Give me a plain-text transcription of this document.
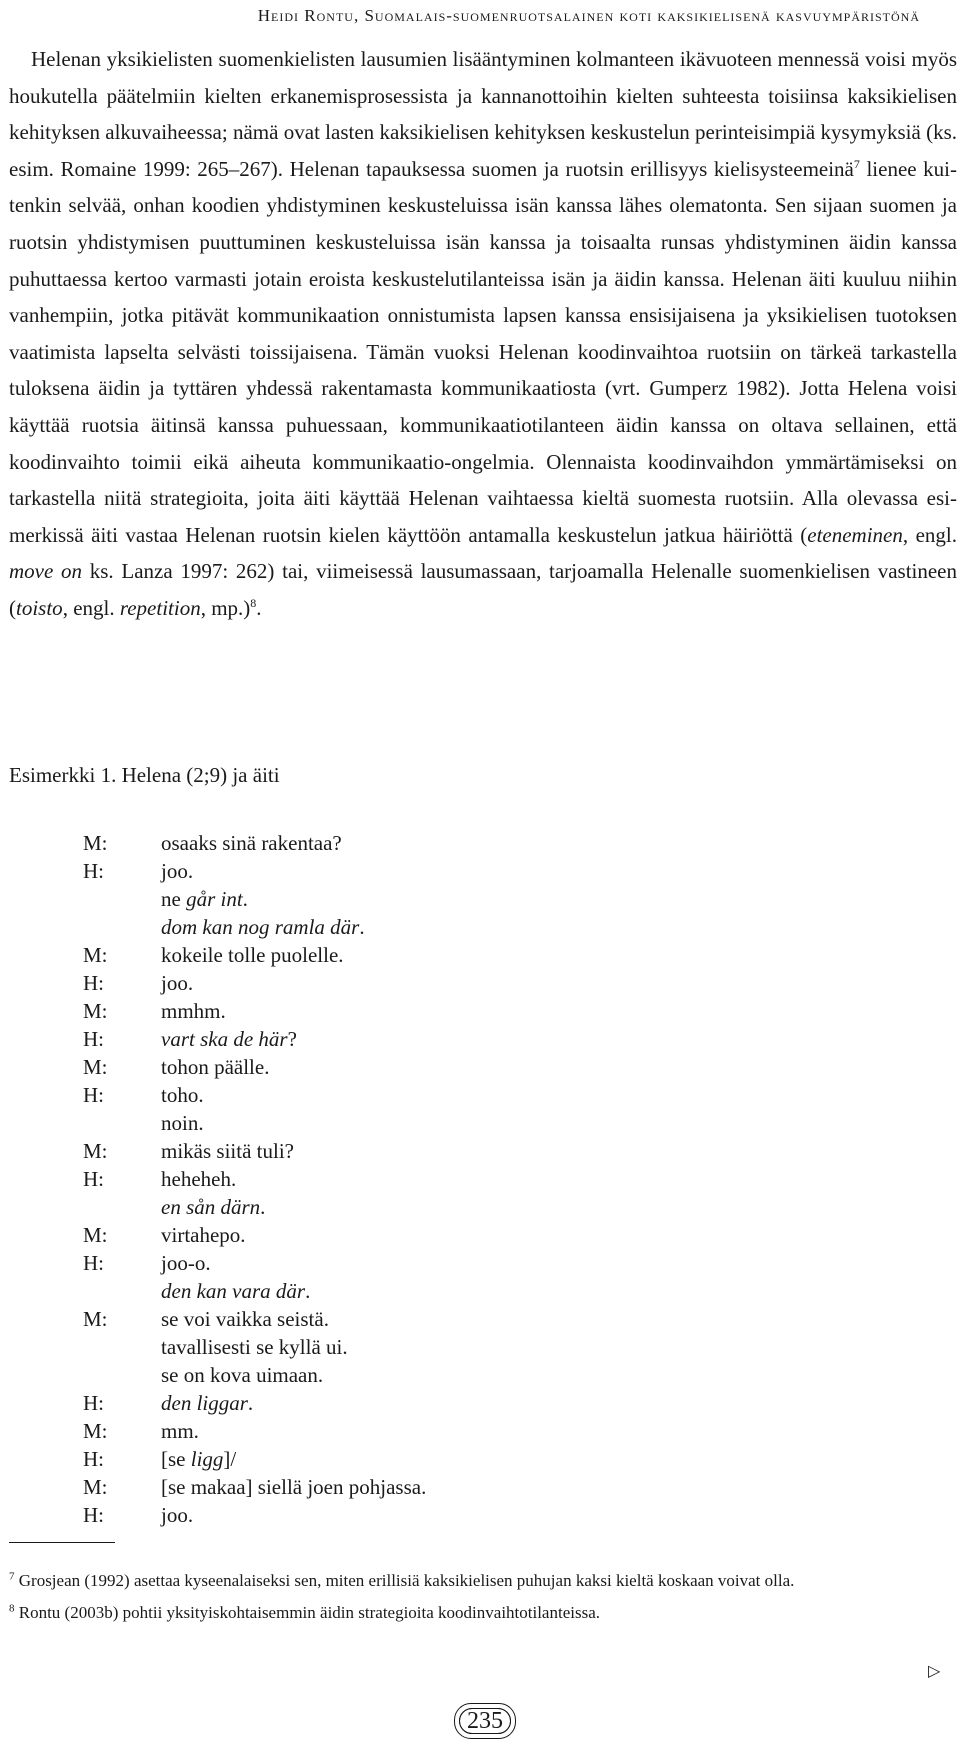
Heidi Rontu, Suomalais-suomenruotsalainen koti kaksikielisenä kasvuympäristönä

Helenan yksikielisten suomenkielisten lausumien lisääntyminen kolmanteen ikävuoteen mennessä voisi myös houkutella päätelmiin kielten erkanemisprosessista ja kannanottoihin kielten suhteesta toisiinsa kaksikielisen kehityksen alkuvaiheessa; nämä ovat lasten kaksikielisen kehityksen keskustelun perinteisimpiä kysymyksiä (ks. esim. Romaine 1999: 265–267). Helenan tapauksessa suomen ja ruotsin erillisyys kielisysteemeinä$^7$ lienee kuitenkin selvää, onhan koodien yhdistyminen keskusteluissa isän kanssa lähes olematonta. Sen sijaan suomen ja ruotsin yhdistymisen puuttuminen keskusteluissa isän kanssa ja toisaalta runsas yhdistyminen äidin kanssa puhuttaessa kertoo varmasti jotain eroista keskustelutilanteissa isän ja äidin kanssa. Helenan äiti kuuluu niihin vanhempiin, jotka pitävät kommunikaation onnistumista lapsen kanssa ensisijaisena ja yksikielisen tuotoksen vaatimista lapselta selvästi toissijaisena. Tämän vuoksi Helenan koodinvaihtoa ruotsiin on tärkeä tarkastella tuloksena äidin ja tyttären yhdessä rakentamasta kommunikaatiosta (vrt. Gumperz 1982). Jotta Helena voisi käyttää ruotsia äitinsä kanssa puhuessaan, kommunikaatiotilanteen äidin kanssa on oltava sellainen, että koodinvaihto toimii eikä aiheuta kommunikaatio-ongelmia. Olennaista koodinvaihdon ymmärtämiseksi on tarkastella niitä strategioita, joita äiti käyttää Helenan vaihtaessa kieltä suomesta ruotsiin. Alla olevassa esimerkissä äiti vastaa Helenan ruotsin kielen käyttöön antamalla keskustelun jatkua häiriöttä (eteneminen, engl. move on ks. Lanza 1997: 262) tai, viimeisessä lausumassaan, tarjoamalla Helenalle suomenkielisen vastineen (toisto, engl. repetition, mp.)$^8$.

Esimerkki 1. Helena (2;9) ja äiti
M:	osaaks sinä rakentaa?
H:	joo.
ne går int.
dom kan nog ramla där.
M:	kokeile tolle puolelle.
H:	joo.
M:	mmhm.
H:	vart ska de här?
M:	tohon päälle.
H:	toho.
noin.
M:	mikäs siitä tuli?
H:	heheheh.
en sån därn.
M:	virtahepo.
H:	joo-o.
den kan vara där.
M:	se voi vaikka seistä.
tavallisesti se kyllä ui.
se on kova uimaan.
H:	den liggar.
M:	mm.
H:	[se ligg]/
M:	[se makaa] siellä joen pohjassa.
H:	joo.
$^7$ Grosjean (1992) asettaa kyseenalaiseksi sen, miten erillisiä kaksikielisen puhujan kaksi kieltä koskaan voivat olla.
$^8$ Rontu (2003b) pohtii yksityiskohtaisemmin äidin strategioita koodinvaihtotilanteissa.
▷
235
